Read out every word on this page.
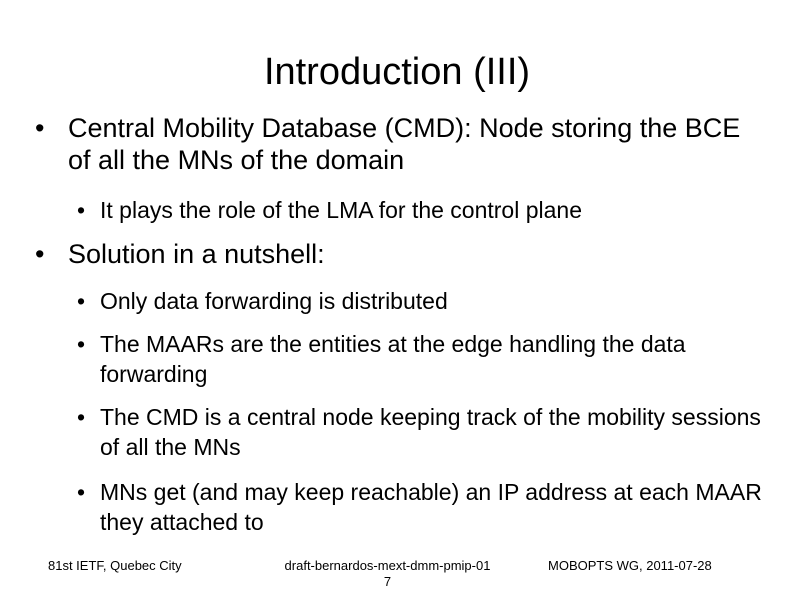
Introduction (III)
• Central Mobility Database (CMD): Node storing the BCE of all the MNs of the domain
• It plays the role of the LMA for the control plane
• Solution in a nutshell:
• Only data forwarding is distributed
• The MAARs are the entities at the edge handling the data forwarding
• The CMD is a central node keeping track of the mobility sessions of all the MNs
• MNs get (and may keep reachable) an IP address at each MAAR they attached to

81st IETF, Quebec City	draft-bernardos-mext-dmm-pmip-01	MOBOPTS WG, 2011-07-28

7
